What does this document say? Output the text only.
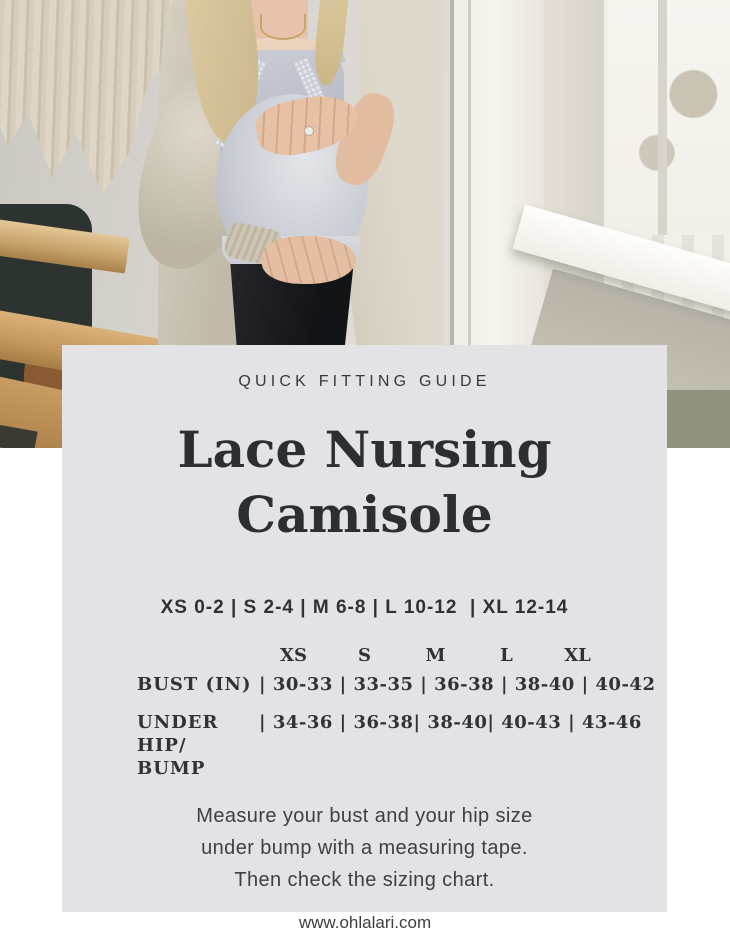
QUICK FITTING GUIDE
Lace Nursing
Camisole
XS 0-2 | S 2-4 | M 6-8 | L 10-12  | XL 12-14
XS	S	M	L	XL
BUST (IN) | 30-33 | 33-35 | 36-38 | 38-40 | 40-42
UNDER HIP/
BUMP
| 34-36 | 36-38| 38-40| 40-43 | 43-46
Measure your bust and your hip size
under bump with a measuring tape.
Then check the sizing chart.
www.ohlalari.com
